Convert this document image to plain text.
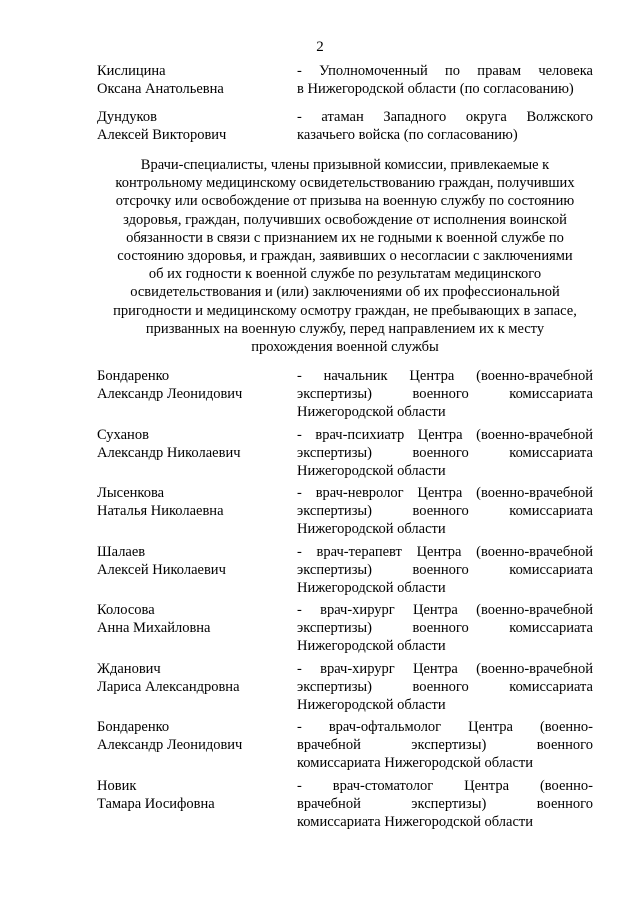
2
Кислицина
Оксана Анатольевна
- Уполномоченный по правам человека
в Нижегородской области (по согласованию)
Дундуков
Алексей Викторович
- атаман Западного округа Волжского
казачьего войска (по согласованию)
Врачи-специалисты, члены призывной комиссии, привлекаемые к
контрольному медицинскому освидетельствованию граждан, получивших
отсрочку или освобождение от призыва на военную службу по состоянию
здоровья, граждан, получивших освобождение от исполнения воинской
обязанности в связи с признанием их не годными к военной службе по
состоянию здоровья, и граждан, заявивших о несогласии с заключениями
об их годности к военной службе по результатам медицинского
освидетельствования и (или) заключениями об их профессиональной
пригодности и медицинскому осмотру граждан, не пребывающих в запасе,
призванных на военную службу, перед направлением их к месту
прохождения военной службы
Бондаренко
Александр Леонидович
- начальник Центра (военно-врачебной
экспертизы) военного комиссариата
Нижегородской области
Суханов
Александр Николаевич
- врач-психиатр Центра (военно-врачебной
экспертизы) военного комиссариата
Нижегородской области
Лысенкова
Наталья Николаевна
- врач-невролог Центра (военно-врачебной
экспертизы) военного комиссариата
Нижегородской области
Шалаев
Алексей Николаевич
- врач-терапевт Центра (военно-врачебной
экспертизы) военного комиссариата
Нижегородской области
Колосова
Анна Михайловна
- врач-хирург Центра (военно-врачебной
экспертизы) военного комиссариата
Нижегородской области
Жданович
Лариса Александровна
- врач-хирург Центра (военно-врачебной
экспертизы) военного комиссариата
Нижегородской области
Бондаренко
Александр Леонидович
- врач-офтальмолог Центра (военно-
врачебной экспертизы) военного
комиссариата Нижегородской области
Новик
Тамара Иосифовна
- врач-стоматолог Центра (военно-
врачебной экспертизы) военного
комиссариата Нижегородской области
